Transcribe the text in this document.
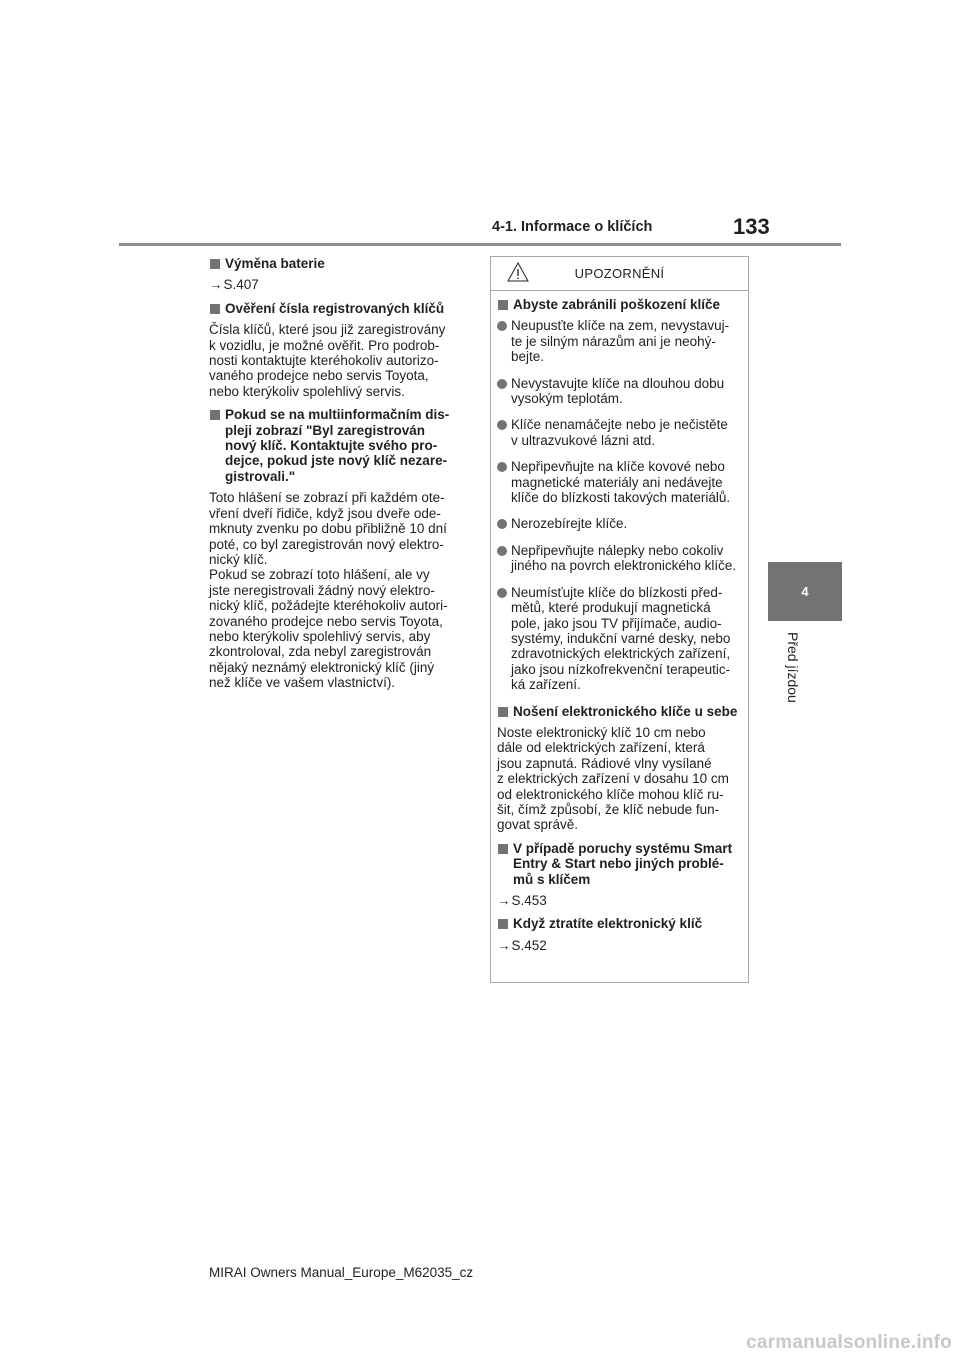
4-1. Informace o klíčích	133
4
Před jízdou
Výměna baterie
→S.407
Ověření čísla registrovaných klíčů
Čísla klíčů, které jsou již zaregistrovány
k vozidlu, je možné ověřit. Pro podrob-
nosti kontaktujte kteréhokoliv autorizo-
vaného prodejce nebo servis Toyota,
nebo kterýkoliv spolehlivý servis.
Pokud se na multiinformačním dis-
pleji zobrazí "Byl zaregistrován
nový klíč. Kontaktujte svého pro-
dejce, pokud jste nový klíč nezare-
gistrovali."
Toto hlášení se zobrazí při každém ote-
vření dveří řidiče, když jsou dveře ode-
mknuty zvenku po dobu přibližně 10 dní
poté, co byl zaregistrován nový elektro-
nický klíč.
Pokud se zobrazí toto hlášení, ale vy
jste neregistrovali žádný nový elektro-
nický klíč, požádejte kteréhokoliv autori-
zovaného prodejce nebo servis Toyota,
nebo kterýkoliv spolehlivý servis, aby
zkontroloval, zda nebyl zaregistrován
nějaký neznámý elektronický klíč (jiný
než klíče ve vašem vlastnictví).
UPOZORNĚNÍ
Abyste zabránili poškození klíče
Neupusťte klíče na zem, nevystavuj-
te je silným nárazům ani je neohý-
bejte.
Nevystavujte klíče na dlouhou dobu
vysokým teplotám.
Klíče nenamáčejte nebo je nečistěte
v ultrazvukové lázni atd.
Nepřipevňujte na klíče kovové nebo
magnetické materiály ani nedávejte
klíče do blízkosti takových materiálů.
Nerozebírejte klíče.
Nepřipevňujte nálepky nebo cokoliv
jiného na povrch elektronického klíče.
Neumísťujte klíče do blízkosti před-
mětů, které produkují magnetická
pole, jako jsou TV přijímače, audio-
systémy, indukční varné desky, nebo
zdravotnických elektrických zařízení,
jako jsou nízkofrekvenční terapeutic-
ká zařízení.
Nošení elektronického klíče u sebe
Noste elektronický klíč 10 cm nebo
dále od elektrických zařízení, která
jsou zapnutá. Rádiové vlny vysílané
z elektrických zařízení v dosahu 10 cm
od elektronického klíče mohou klíč ru-
šit, čímž způsobí, že klíč nebude fun-
govat správě.
V případě poruchy systému Smart
Entry & Start nebo jiných problé-
mů s klíčem
→S.453
Když ztratíte elektronický klíč
→S.452
MIRAI Owners Manual_Europe_M62035_cz
carmanualsonline.info
